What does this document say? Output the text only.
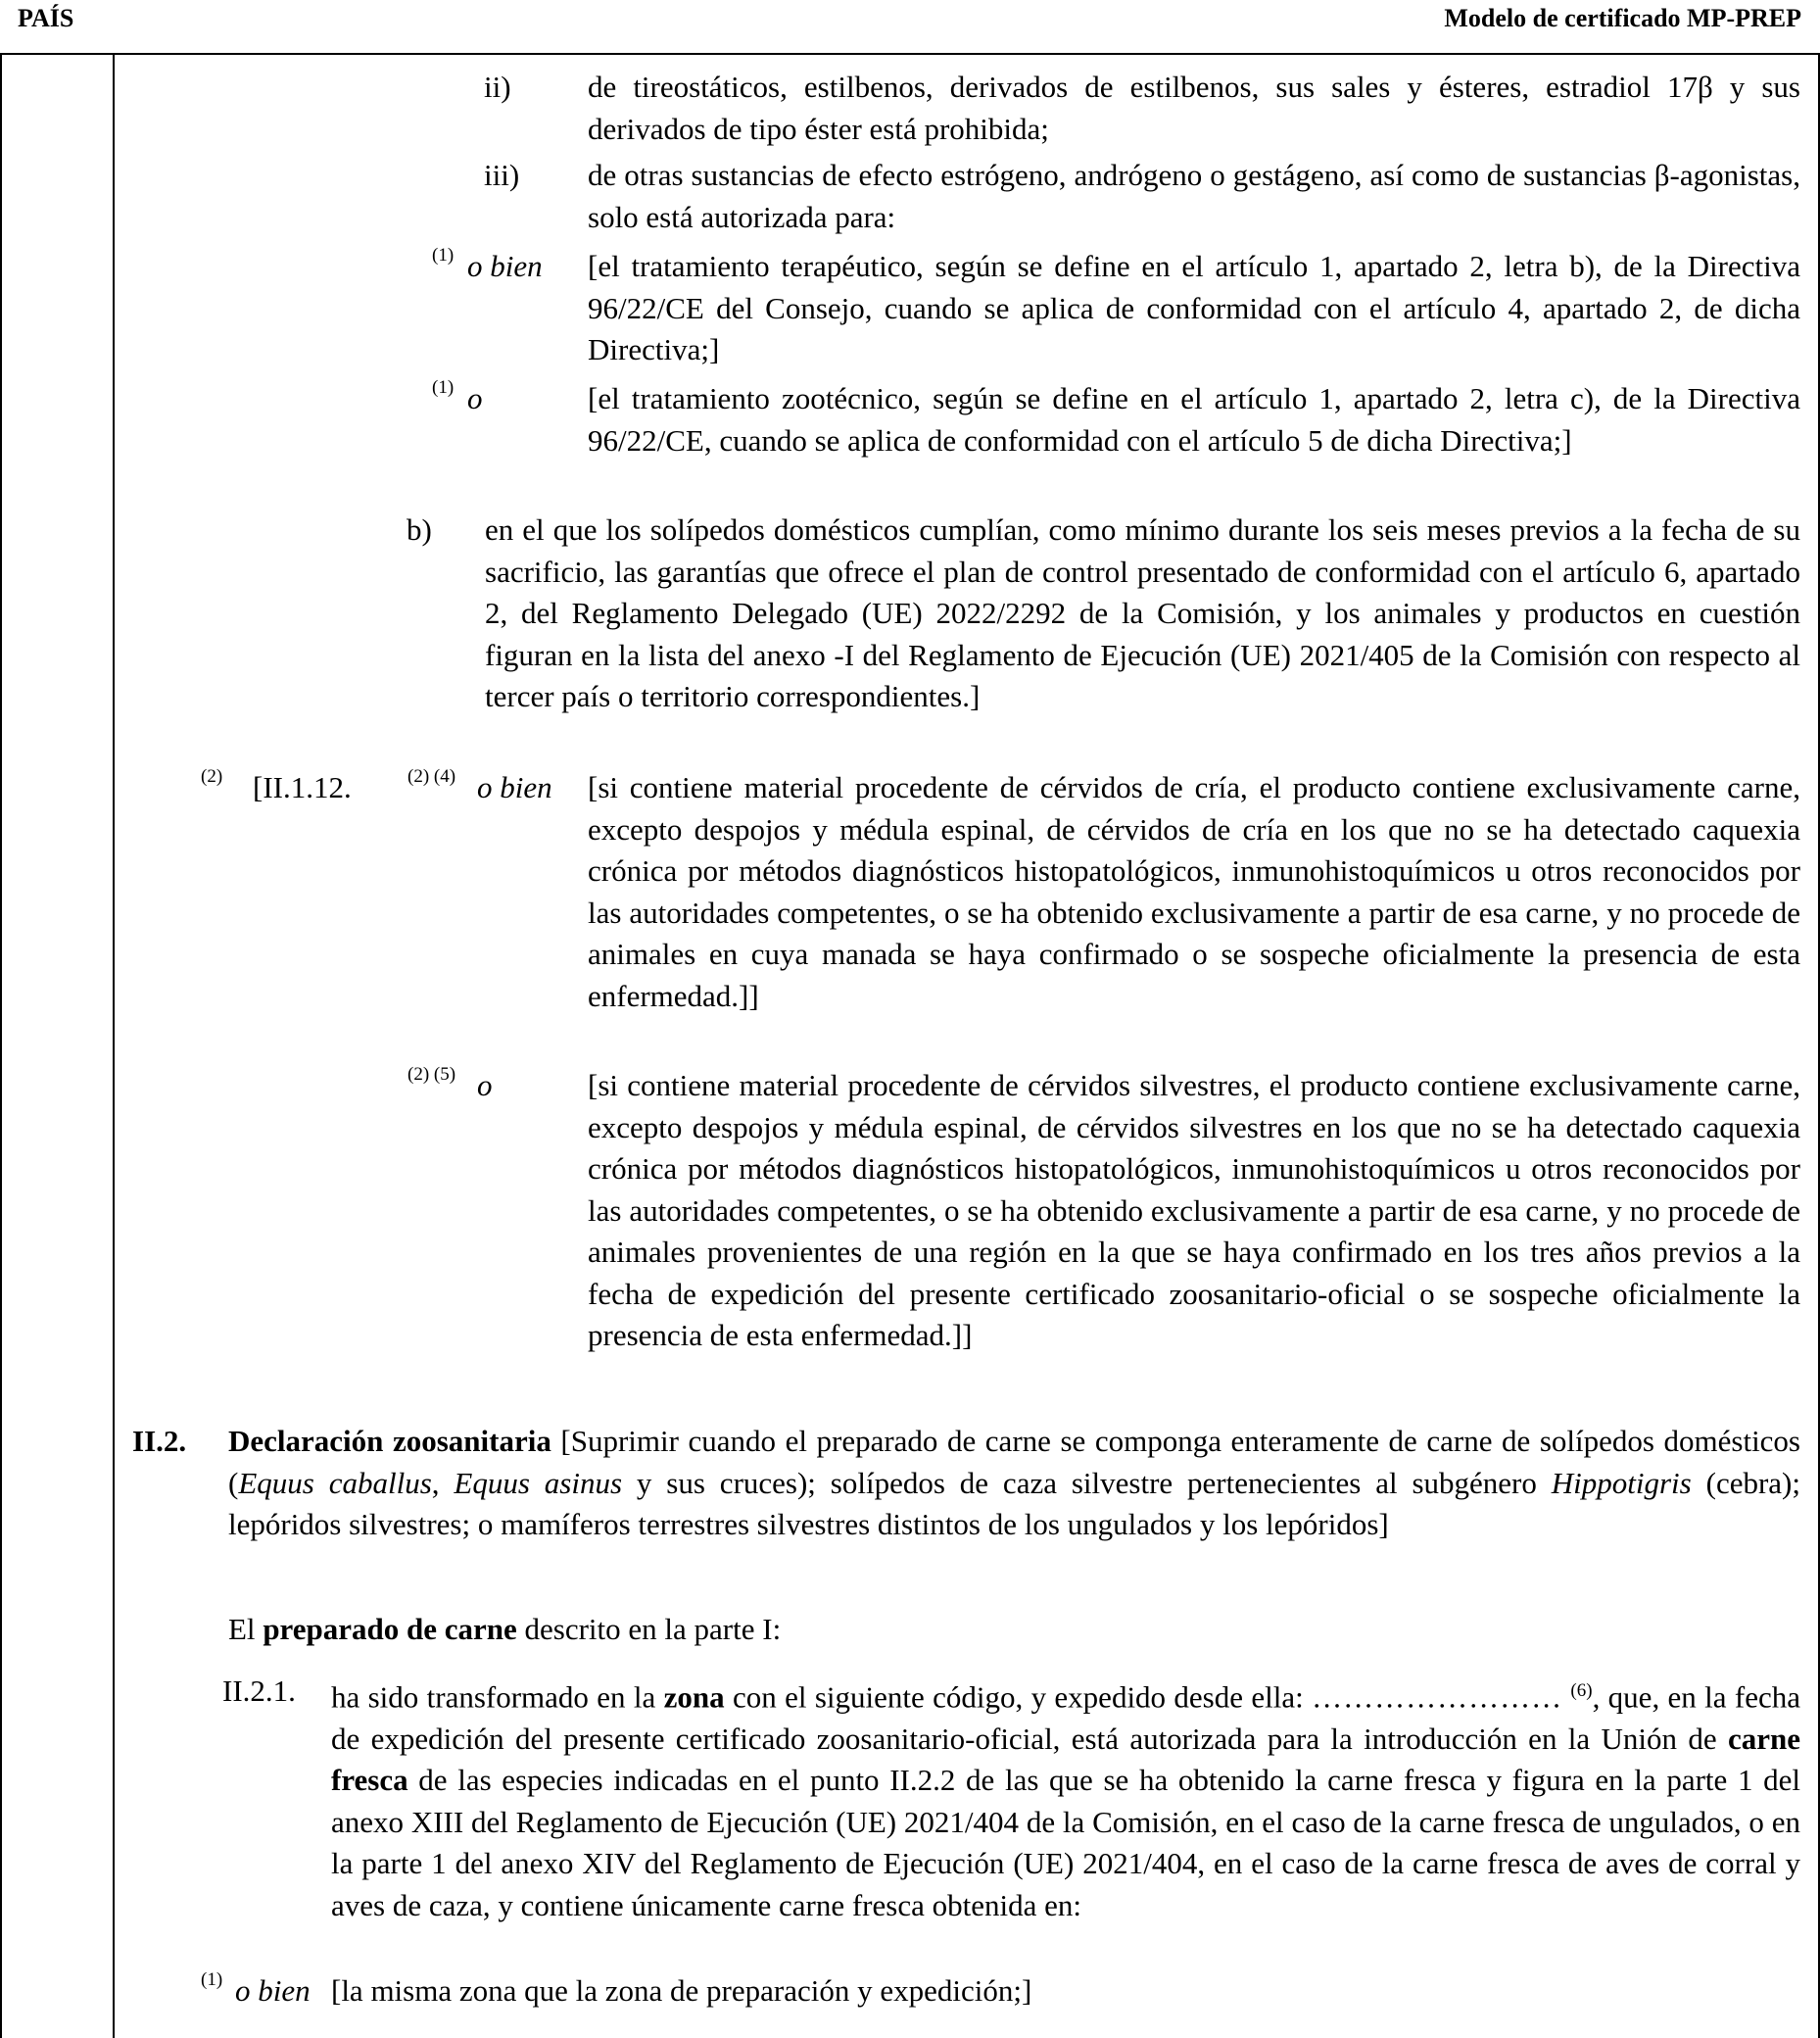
PAÍS	Modelo de certificado MP-PREP
ii)	de tireostáticos, estilbenos, derivados de estilbenos, sus sales y ésteres, estradiol 17β y sus derivados de tipo éster está prohibida;
iii) de otras sustancias de efecto estrógeno, andrógeno o gestágeno, así como de sustancias β-agonistas, solo está autorizada para:
(1) o bien [el tratamiento terapéutico, según se define en el artículo 1, apartado 2, letra b), de la Directiva 96/22/CE del Consejo, cuando se aplica de conformidad con el artículo 4, apartado 2, de dicha Directiva;]
(1) o	[el tratamiento zootécnico, según se define en el artículo 1, apartado 2, letra c), de la Directiva 96/22/CE, cuando se aplica de conformidad con el artículo 5 de dicha Directiva;]
b) en el que los solípedos domésticos cumplían, como mínimo durante los seis meses previos a la fecha de su sacrificio, las garantías que ofrece el plan de control presentado de conformidad con el artículo 6, apartado 2, del Reglamento Delegado (UE) 2022/2292 de la Comisión, y los animales y productos en cuestión figuran en la lista del anexo -I del Reglamento de Ejecución (UE) 2021/405 de la Comisión con respecto al tercer país o territorio correspondientes.]
(2) [II.1.12.	(2) (4) o bien [si contiene material procedente de cérvidos de cría, el producto contiene exclusivamente carne, excepto despojos y médula espinal, de cérvidos de cría en los que no se ha detectado caquexia crónica por métodos diagnósticos histopatológicos, inmunohistoquímicos u otros reconocidos por las autoridades competentes, o se ha obtenido exclusivamente a partir de esa carne, y no procede de animales en cuya manada se haya confirmado o se sospeche oficialmente la presencia de esta enfermedad.]]
(2) (5) o	[si contiene material procedente de cérvidos silvestres, el producto contiene exclusivamente carne, excepto despojos y médula espinal, de cérvidos silvestres en los que no se ha detectado caquexia crónica por métodos diagnósticos histopatológicos, inmunohistoquímicos u otros reconocidos por las autoridades competentes, o se ha obtenido exclusivamente a partir de esa carne, y no procede de animales provenientes de una región en la que se haya confirmado en los tres años previos a la fecha de expedición del presente certificado zoosanitario-oficial o se sospeche oficialmente la presencia de esta enfermedad.]]
II.2. Declaración zoosanitaria [Suprimir cuando el preparado de carne se componga enteramente de carne de solípedos domésticos (Equus caballus, Equus asinus y sus cruces); solípedos de caza silvestre pertenecientes al subgénero Hippotigris (cebra); lepóridos silvestres; o mamíferos terrestres silvestres distintos de los ungulados y los lepóridos]
El preparado de carne descrito en la parte I:
II.2.1. ha sido transformado en la zona con el siguiente código, y expedido desde ella: …………………… $^{(6)}$, que, en la fecha de expedición del presente certificado zoosanitario-oficial, está autorizada para la introducción en la Unión de carne fresca de las especies indicadas en el punto II.2.2 de las que se ha obtenido la carne fresca y figura en la parte 1 del anexo XIII del Reglamento de Ejecución (UE) 2021/404 de la Comisión, en el caso de la carne fresca de ungulados, o en la parte 1 del anexo XIV del Reglamento de Ejecución (UE) 2021/404, en el caso de la carne fresca de aves de corral y aves de caza, y contiene únicamente carne fresca obtenida en:
(1) o bien [la misma zona que la zona de preparación y expedición;]
